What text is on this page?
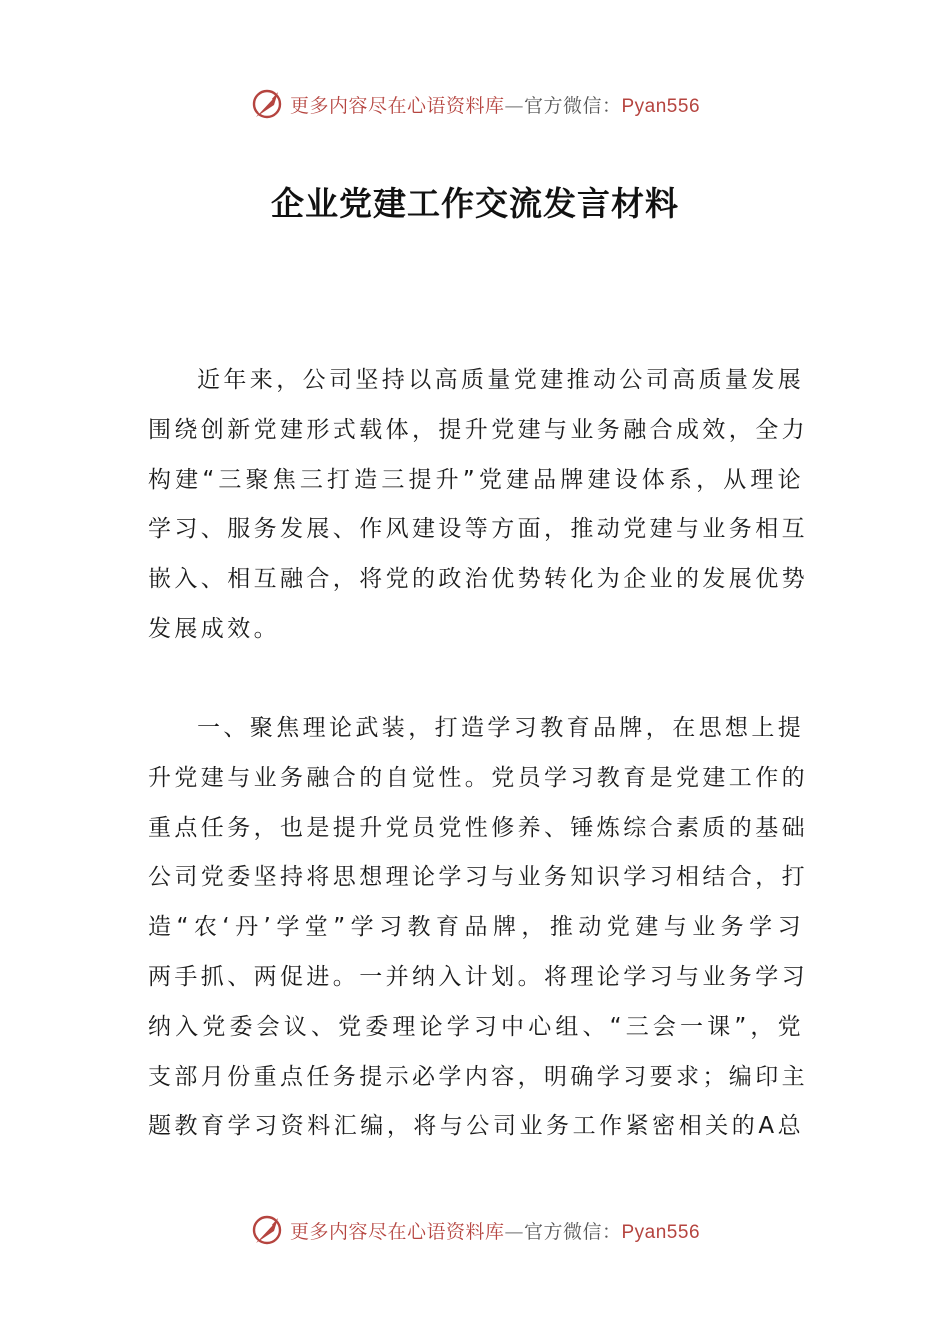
更多内容尽在心语资料库—官方微信：Pyan556
企业党建工作交流发言材料
近年来，公司坚持以高质量党建推动公司高质量发展
围绕创新党建形式载体，提升党建与业务融合成效，全力
构建“三聚焦三打造三提升”党建品牌建设体系，从理论
学习、服务发展、作风建设等方面，推动党建与业务相互
嵌入、相互融合，将党的政治优势转化为企业的发展优势
发展成效。
一、聚焦理论武装，打造学习教育品牌，在思想上提
升党建与业务融合的自觉性。党员学习教育是党建工作的
重点任务，也是提升党员党性修养、锤炼综合素质的基础
公司党委坚持将思想理论学习与业务知识学习相结合，打
造“农‘丹’学堂”学习教育品牌，推动党建与业务学习
两手抓、两促进。一并纳入计划。将理论学习与业务学习
纳入党委会议、党委理论学习中心组、“三会一课”，党
支部月份重点任务提示必学内容，明确学习要求；编印主
题教育学习资料汇编，将与公司业务工作紧密相关的A总
更多内容尽在心语资料库—官方微信：Pyan556
